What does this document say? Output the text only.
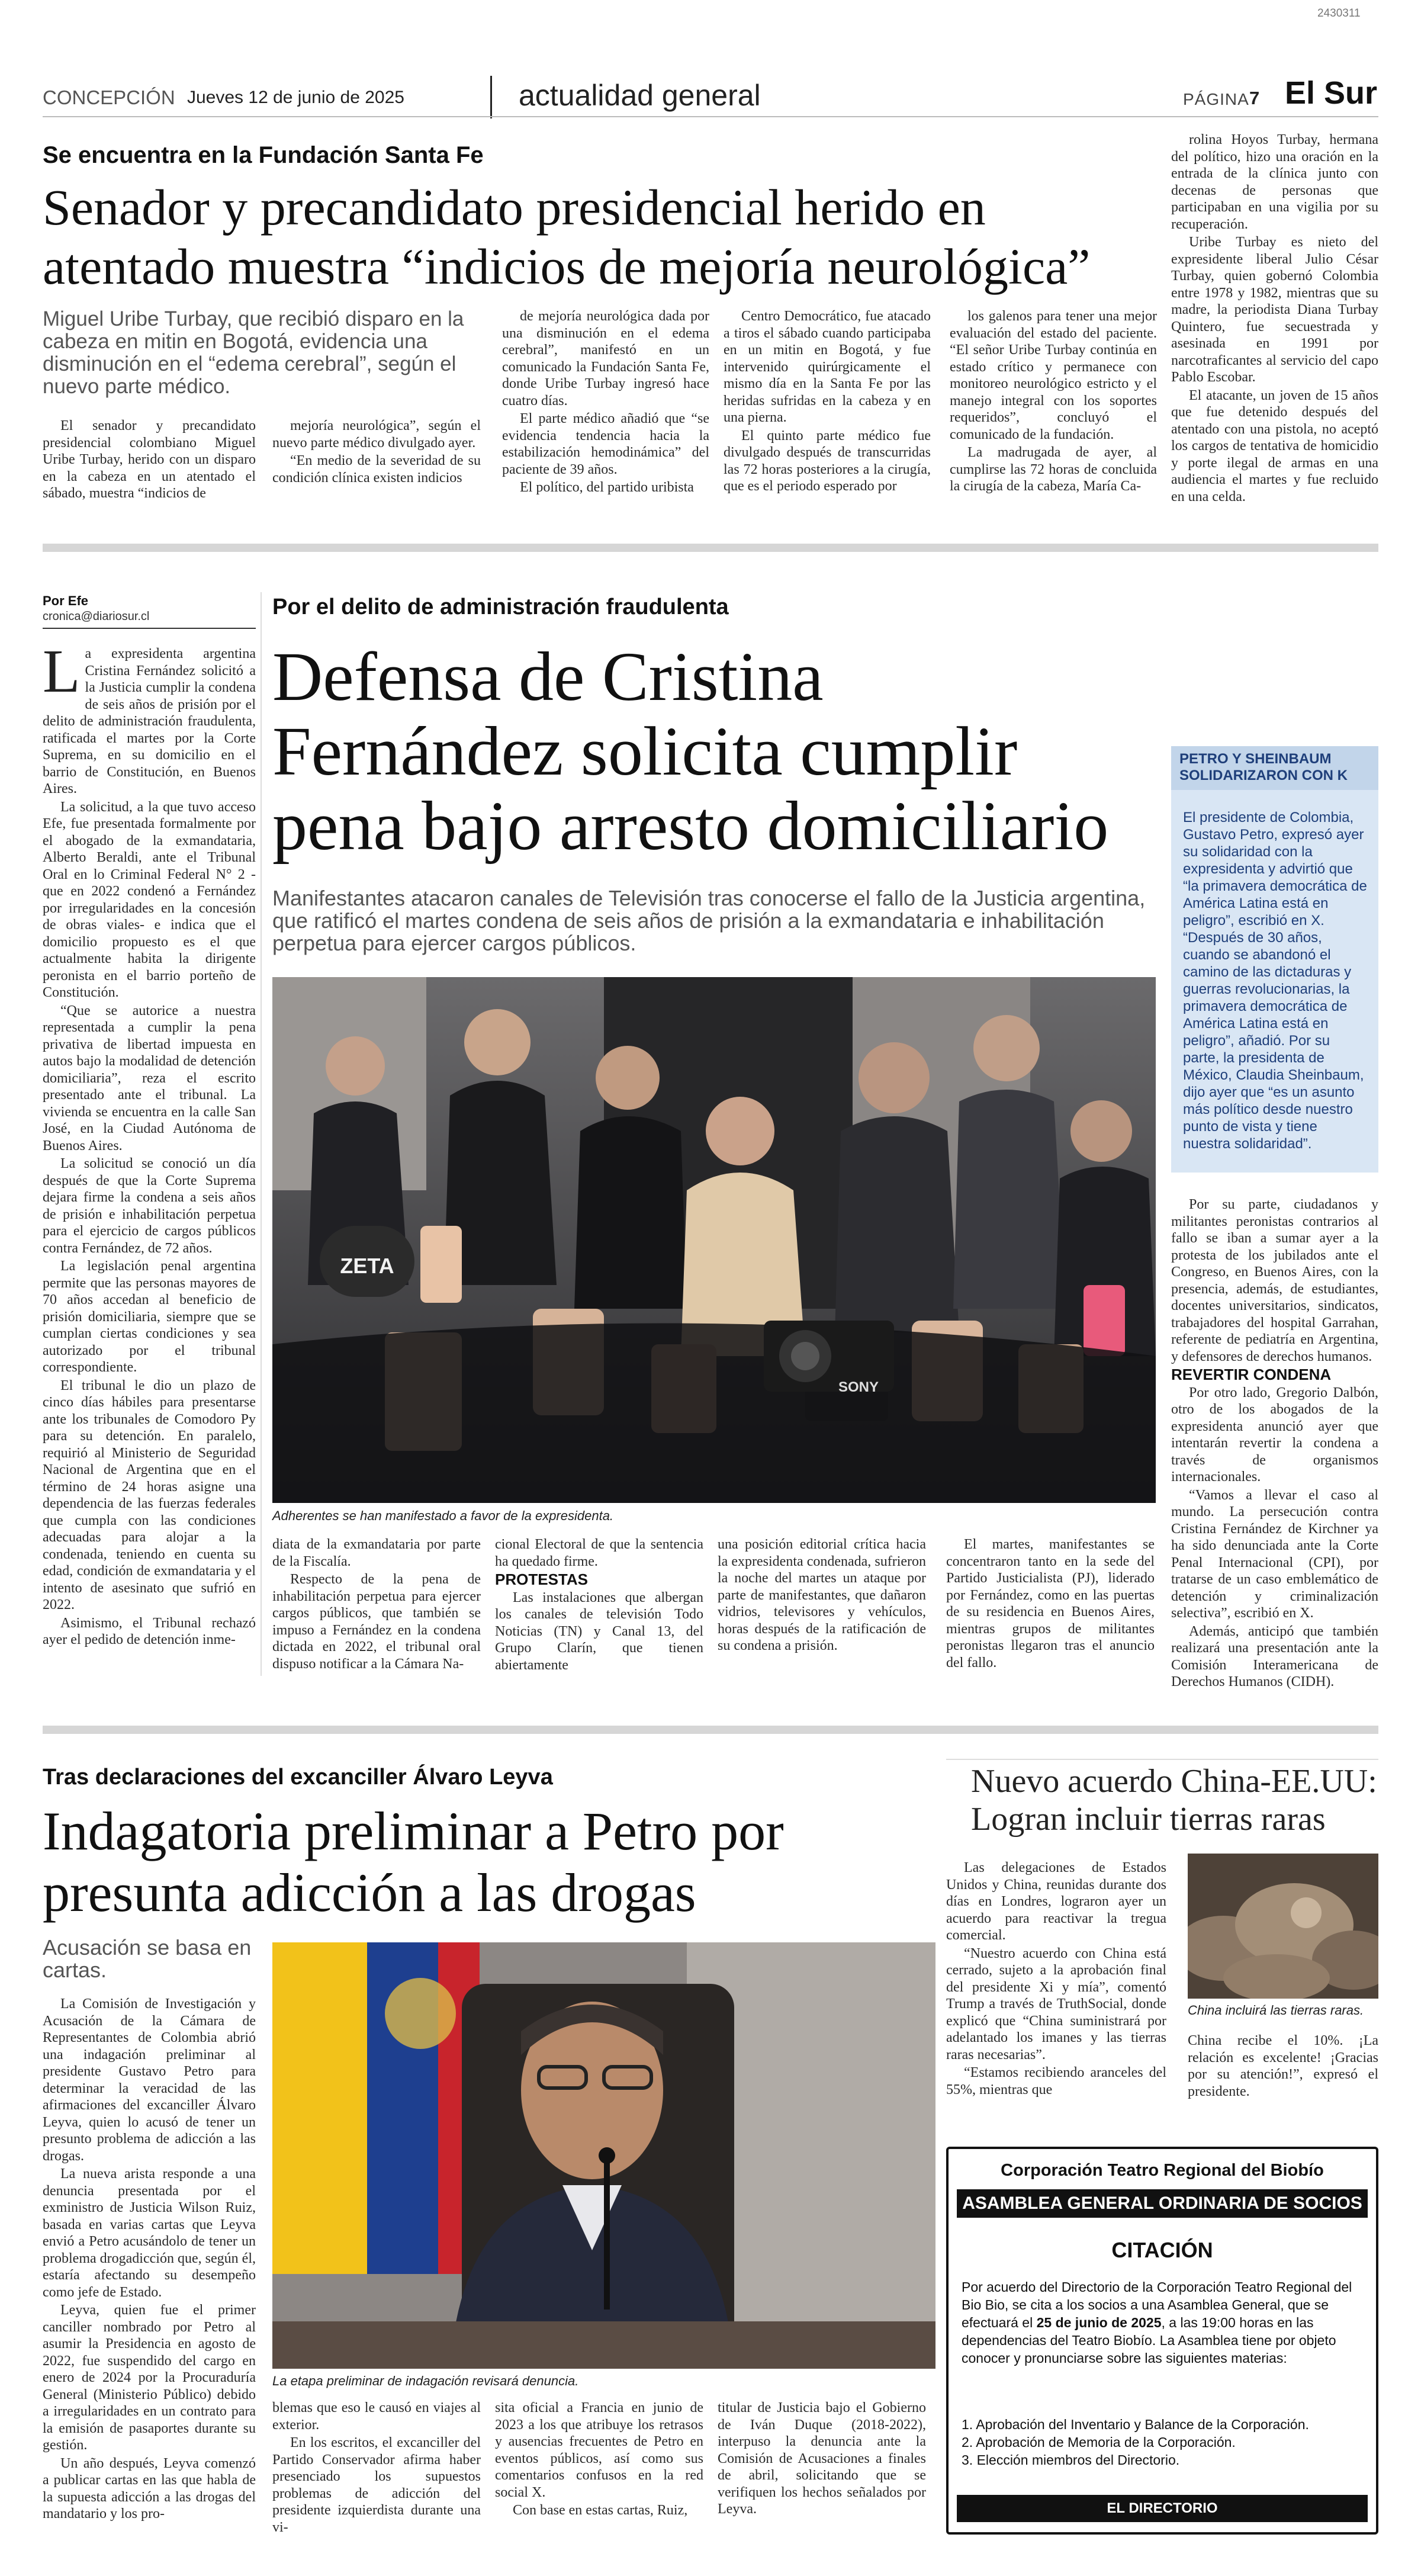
2430311
CONCEPCIÓN Jueves 12 de junio de 2025	actualidad general	PÁGINA 7 El Sur
Se encuentra en la Fundación Santa Fe
Senador y precandidato presidencial herido en
atentado muestra “indicios de mejoría neurológica”
Miguel Uribe Turbay, que recibió disparo en la cabeza en mitin en Bogotá, evidencia una disminución en el “edema cerebral”, según el nuevo parte médico.

El senador y precandidato presidencial colombiano Miguel Uribe Turbay, herido con un disparo en la cabeza en un atentado el sábado, muestra “indicios de

mejoría neurológica”, según el nuevo parte médico divulgado ayer.

“En medio de la severidad de su condición clínica existen indicios

de mejoría neurológica dada por una disminución en el edema cerebral”, manifestó en un comunicado la Fundación Santa Fe, donde Uribe Turbay ingresó hace cuatro días.

El parte médico añadió que “se evidencia tendencia hacia la estabilización hemodinámica” del paciente de 39 años.

El político, del partido uribista

Centro Democrático, fue atacado a tiros el sábado cuando participaba en un mitin en Bogotá, y fue intervenido quirúrgicamente el mismo día en la Santa Fe por las heridas sufridas en la cabeza y en una pierna.

El quinto parte médico fue divulgado después de transcurridas las 72 horas posteriores a la cirugía, que es el periodo esperado por

los galenos para tener una mejor evaluación del estado del paciente. “El señor Uribe Turbay continúa en estado crítico y permanece con monitoreo neurológico estricto y el manejo integral con los soportes requeridos”, concluyó el comunicado de la fundación.

La madrugada de ayer, al cumplirse las 72 horas de concluida la cirugía de la cabeza, María Ca-

rolina Hoyos Turbay, hermana del político, hizo una oración en la entrada de la clínica junto con decenas de personas que participaban en una vigilia por su recuperación.

Uribe Turbay es nieto del expresidente liberal Julio César Turbay, quien gobernó Colombia entre 1978 y 1982, mientras que su madre, la periodista Diana Turbay Quintero, fue secuestrada y asesinada en 1991 por narcotraficantes al servicio del capo Pablo Escobar.

El atacante, un joven de 15 años que fue detenido después del atentado con una pistola, no aceptó los cargos de tentativa de homicidio y porte ilegal de armas en una audiencia el martes y fue recluido en una celda.

Por Efe
cronica@diariosur.cl	Por el delito de administración fraudulenta
Defensa de Cristina
Fernández solicita cumplir
pena bajo arresto domiciliario
Manifestantes atacaron canales de Televisión tras conocerse el fallo de la Justicia argentina, que ratificó el martes condena de seis años de prisión a la exmandataria e inhabilitación perpetua para ejercer cargos públicos.

La expresidenta argentina Cristina Fernández solicitó a la Justicia cumplir la condena de seis años de prisión por el delito de administración fraudulenta, ratificada el martes por la Corte Suprema, en su domicilio en el barrio de Constitución, en Buenos Aires.

La solicitud, a la que tuvo acceso Efe, fue presentada formalmente por el abogado de la exmandataria, Alberto Beraldi, ante el Tribunal Oral en lo Criminal Federal N° 2 -que en 2022 condenó a Fernández por irregularidades en la concesión de obras viales- e indica que el domicilio propuesto es el que actualmente habita la dirigente peronista en el barrio porteño de Constitución.

“Que se autorice a nuestra representada a cumplir la pena privativa de libertad impuesta en autos bajo la modalidad de detención domiciliaria”, reza el escrito presentado ante el tribunal. La vivienda se encuentra en la calle San José, en la Ciudad Autónoma de Buenos Aires.

La solicitud se conoció un día después de que la Corte Suprema dejara firme la condena a seis años de prisión e inhabilitación perpetua para el ejercicio de cargos públicos contra Fernández, de 72 años.

La legislación penal argentina permite que las personas mayores de 70 años accedan al beneficio de prisión domiciliaria, siempre que se cumplan ciertas condiciones y sea autorizado por el tribunal correspondiente.

El tribunal le dio un plazo de cinco días hábiles para presentarse ante los tribunales de Comodoro Py para su detención. En paralelo, requirió al Ministerio de Seguridad Nacional de Argentina que en el término de 24 horas asigne una dependencia de las fuerzas federales que cumpla con las condiciones adecuadas para alojar a la condenada, teniendo en cuenta su edad, condición de exmandataria y el intento de asesinato que sufrió en 2022.

Asimismo, el Tribunal rechazó ayer el pedido de detención inme-

ZETA
SONY
Adherentes se han manifestado a favor de la expresidenta.

diata de la exmandataria por parte de la Fiscalía.

Respecto de la pena de inhabilitación perpetua para ejercer cargos públicos, que también se impuso a Fernández en la condena dictada en 2022, el tribunal oral dispuso notificar a la Cámara Na-

cional Electoral de que la sentencia ha quedado firme.

PROTESTAS

Las instalaciones que albergan los canales de televisión Todo Noticias (TN) y Canal 13, del Grupo Clarín, que tienen abiertamente

una posición editorial crítica hacia la expresidenta condenada, sufrieron la noche del martes un ataque por parte de manifestantes, que dañaron vidrios, televisores y vehículos, horas después de la ratificación de su condena a prisión.

El martes, manifestantes se concentraron tanto en la sede del Partido Justicialista (PJ), liderado por Fernández, como en las puertas de su residencia en Buenos Aires, mientras grupos de militantes peronistas llegaron tras el anuncio del fallo.

PETRO Y SHEINBAUM
SOLIDARIZARON CON K
El presidente de Colombia, Gustavo Petro, expresó ayer su solidaridad con la expresidenta y advirtió que “la primavera democrática de América Latina está en peligro”, escribió en X. “Después de 30 años, cuando se abandonó el camino de las dictaduras y guerras revolucionarias, la primavera democrática de América Latina está en peligro”, añadió. Por su parte, la presidenta de México, Claudia Sheinbaum, dijo ayer que “es un asunto más político desde nuestro punto de vista y tiene nuestra solidaridad”.

Por su parte, ciudadanos y militantes peronistas contrarios al fallo se iban a sumar ayer a la protesta de los jubilados ante el Congreso, en Buenos Aires, con la presencia, además, de estudiantes, docentes universitarios, sindicatos, trabajadores del hospital Garrahan, referente de pediatría en Argentina, y defensores de derechos humanos.

REVERTIR CONDENA

Por otro lado, Gregorio Dalbón, otro de los abogados de la expresidenta anunció ayer que intentarán revertir la condena a través de organismos internacionales.

“Vamos a llevar el caso al mundo. La persecución contra Cristina Fernández de Kirchner ya ha sido denunciada ante la Corte Penal Internacional (CPI), por tratarse de un caso emblemático de detención y criminalización selectiva”, escribió en X.

Además, anticipó que también realizará una presentación ante la Comisión Interamericana de Derechos Humanos (CIDH).

Tras declaraciones del excanciller Álvaro Leyva
Indagatoria preliminar a Petro por
presunta adicción a las drogas
Acusación se basa en cartas.

La Comisión de Investigación y Acusación de la Cámara de Representantes de Colombia abrió una indagación preliminar al presidente Gustavo Petro para determinar la veracidad de las afirmaciones del excanciller Álvaro Leyva, quien lo acusó de tener un presunto problema de adicción a las drogas.

La nueva arista responde a una denuncia presentada por el exministro de Justicia Wilson Ruiz, basada en varias cartas que Leyva envió a Petro acusándolo de tener un problema drogadicción que, según él, estaría afectando su desempeño como jefe de Estado.

Leyva, quien fue el primer canciller nombrado por Petro al asumir la Presidencia en agosto de 2022, fue suspendido del cargo en enero de 2024 por la Procuraduría General (Ministerio Público) debido a irregularidades en un contrato para la emisión de pasaportes durante su gestión.

Un año después, Leyva comenzó a publicar cartas en las que habla de la supuesta adicción a las drogas del mandatario y los pro-

La etapa preliminar de indagación revisará denuncia.

blemas que eso le causó en viajes al exterior.

En los escritos, el excanciller del Partido Conservador afirma haber presenciado los supuestos problemas de adicción del presidente izquierdista durante una vi-

sita oficial a Francia en junio de 2023 a los que atribuye los retrasos y ausencias frecuentes de Petro en eventos públicos, así como sus comentarios confusos en la red social X.

Con base en estas cartas, Ruiz,

titular de Justicia bajo el Gobierno de Iván Duque (2018-2022), interpuso la denuncia ante la Comisión de Acusaciones a finales de abril, solicitando que se verifiquen los hechos señalados por Leyva.

Nuevo acuerdo China-EE.UU:
Logran incluir tierras raras

Las delegaciones de Estados Unidos y China, reunidas durante dos días en Londres, lograron ayer un acuerdo para reactivar la tregua comercial.

“Nuestro acuerdo con China está cerrado, sujeto a la aprobación final del presidente Xi y mía”, comentó Trump a través de TruthSocial, donde explicó que “China suministrará por adelantado los imanes y las tierras raras necesarias”.

“Estamos recibiendo aranceles del 55%, mientras que

China incluirá las tierras raras.

China recibe el 10%. ¡La relación es excelente! ¡Gracias por su atención!”, expresó el presidente.

Corporación Teatro Regional del Biobío
ASAMBLEA GENERAL ORDINARIA DE SOCIOS
CITACIÓN
Por acuerdo del Directorio de la Corporación Teatro Regional del Bio Bio, se cita a los socios a una Asamblea General, que se efectuará el 25 de junio de 2025, a las 19:00 horas en las dependencias del Teatro Biobío. La Asamblea tiene por objeto conocer y pronunciarse sobre las siguientes materias:
1. Aprobación del Inventario y Balance de la Corporación.
2. Aprobación de Memoria de la Corporación.
3. Elección miembros del Directorio.
EL DIRECTORIO
